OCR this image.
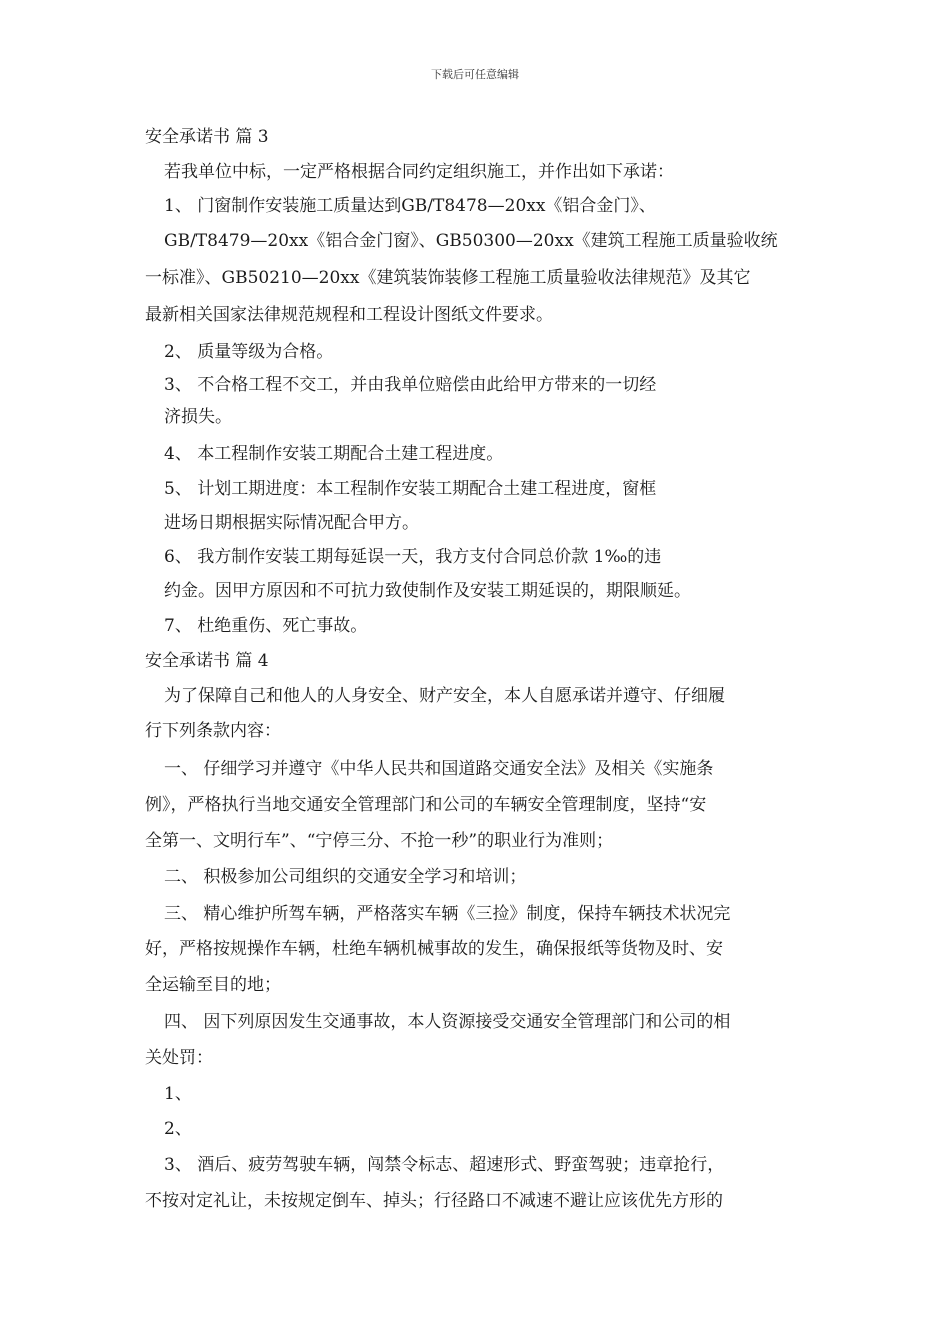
下载后可任意编辑
安全承诺书 篇 3
若我单位中标，一定严格根据合同约定组织施工，并作出如下承诺：
1、 门窗制作安装施工质量达到GB/T8478—20xx《铝合金门》、
GB/T8479—20xx《铝合金门窗》、GB50300—20xx《建筑工程施工质量验收统
一标准》、GB50210—20xx《建筑装饰装修工程施工质量验收法律规范》及其它
最新相关国家法律规范规程和工程设计图纸文件要求。
2、 质量等级为合格。
3、 不合格工程不交工，并由我单位赔偿由此给甲方带来的一切经
济损失。
4、 本工程制作安装工期配合土建工程进度。
5、 计划工期进度：本工程制作安装工期配合土建工程进度，窗框
进场日期根据实际情况配合甲方。
6、 我方制作安装工期每延误一天，我方支付合同总价款 1‰的违
约金。因甲方原因和不可抗力致使制作及安装工期延误的，期限顺延。
7、 杜绝重伤、死亡事故。
安全承诺书 篇 4
为了保障自己和他人的人身安全、财产安全，本人自愿承诺并遵守、仔细履
行下列条款内容：
一、 仔细学习并遵守《中华人民共和国道路交通安全法》及相关《实施条
例》，严格执行当地交通安全管理部门和公司的车辆安全管理制度，坚持“安
全第一、文明行车”、“宁停三分、不抢一秒”的职业行为准则；
二、 积极参加公司组织的交通安全学习和培训；
三、 精心维护所驾车辆，严格落实车辆《三捡》制度，保持车辆技术状况完
好，严格按规操作车辆，杜绝车辆机械事故的发生，确保报纸等货物及时、安
全运输至目的地；
四、 因下列原因发生交通事故，本人资源接受交通安全管理部门和公司的相
关处罚：
1、
2、
3、 酒后、疲劳驾驶车辆，闯禁令标志、超速形式、野蛮驾驶；违章抢行，
不按对定礼让，未按规定倒车、掉头；行径路口不减速不避让应该优先方形的
